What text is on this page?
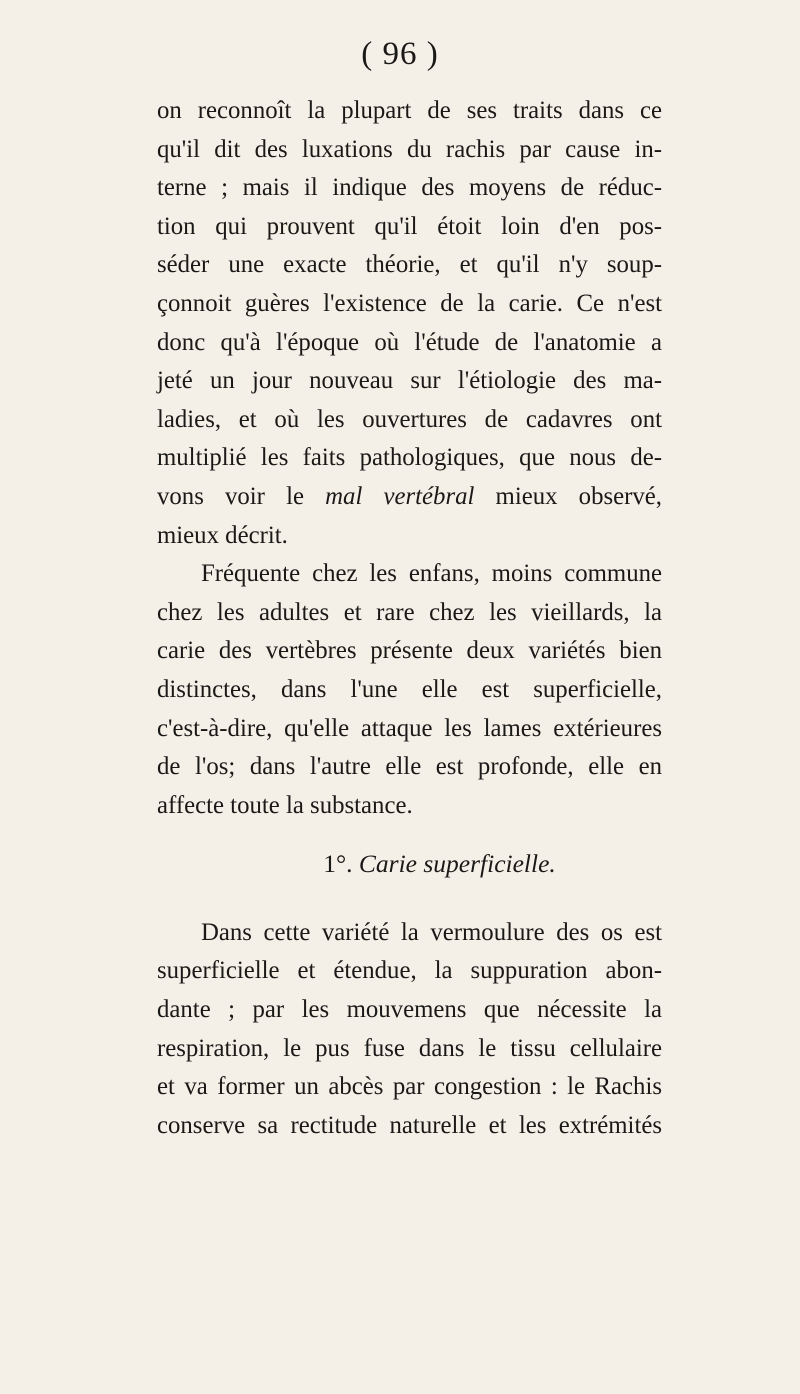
( 96 )
on reconnoît la plupart de ses traits dans ce
qu'il dit des luxations du rachis par cause in-
terne ; mais il indique des moyens de réduc-
tion qui prouvent qu'il étoit loin d'en pos-
séder une exacte théorie, et qu'il n'y soup-
çonnoit guères l'existence de la carie. Ce n'est
donc qu'à l'époque où l'étude de l'anatomie a
jeté un jour nouveau sur l'étiologie des ma-
ladies, et où les ouvertures de cadavres ont
multiplié les faits pathologiques, que nous de-
vons voir le mal vertébral mieux observé,
mieux décrit.
Fréquente chez les enfans, moins commune
chez les adultes et rare chez les vieillards, la
carie des vertèbres présente deux variétés bien
distinctes, dans l'une elle est superficielle,
c'est-à-dire, qu'elle attaque les lames extérieures
de l'os; dans l'autre elle est profonde, elle en
affecte toute la substance.
1°. Carie superficielle.
Dans cette variété la vermoulure des os est
superficielle et étendue, la suppuration abon-
dante ; par les mouvemens que nécessite la
respiration, le pus fuse dans le tissu cellulaire
et va former un abcès par congestion : le Rachis
conserve sa rectitude naturelle et les extrémités
